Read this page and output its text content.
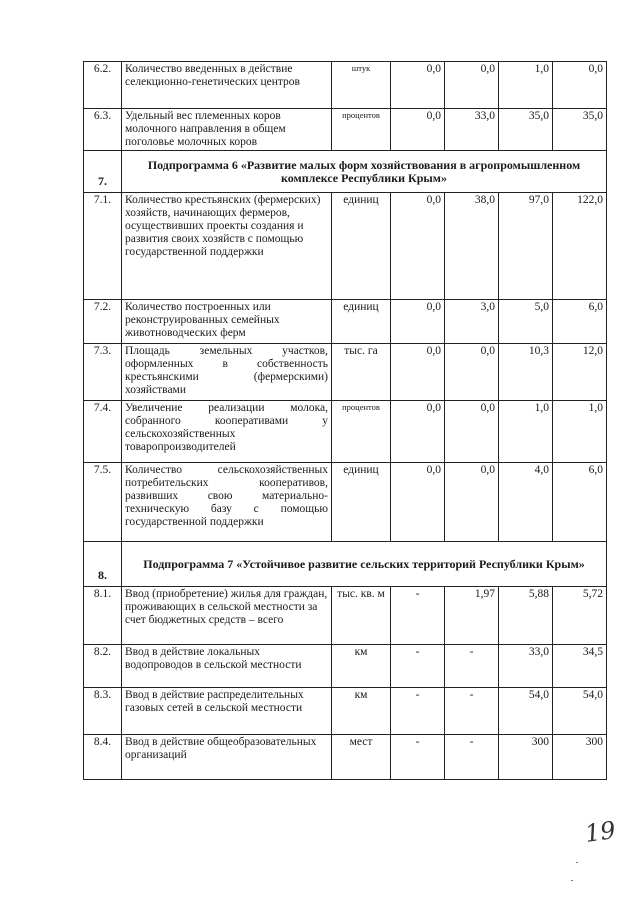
6.2.	Количество введенных в действие селекционно-генетических центров	штук	0,0	0,0	1,0	0,0
6.3.	Удельный вес племенных коров молочного направления в общем поголовье молочных коров	процентов	0,0	33,0	35,0	35,0
7.	Подпрограмма 6 «Развитие малых форм хозяйствования в агропромышленном комплексе Республики Крым»					
7.1.	Количество крестьянских (фермерских) хозяйств, начинающих фермеров, осуществивших проекты создания и развития своих хозяйств с помощью государственной поддержки	единиц	0,0	38,0	97,0	122,0
7.2.	Количество построенных или реконструированных семейных животноводческих ферм	единиц	0,0	3,0	5,0	6,0
7.3.	Площадь земельных участков, оформленных в собственность крестьянскими (фермерскими) хозяйствами	тыс. га	0,0	0,0	10,3	12,0
7.4.	Увеличение реализации молока, собранного кооперативами у сельскохозяйственных товаропроизводителей	процентов	0,0	0,0	1,0	1,0
7.5.	Количество сельскохозяйственных потребительских кооперативов, развивших свою материально-техническую базу с помощью государственной поддержки	единиц	0,0	0,0	4,0	6,0
8.	Подпрограмма 7 «Устойчивое развитие сельских территорий Республики Крым»					
8.1.	Ввод (приобретение) жилья для граждан, проживающих в сельской местности за счет бюджетных средств – всего	тыс. кв. м	-	1,97	5,88	5,72
8.2.	Ввод в действие локальных водопроводов в сельской местности	км	-	-	33,0	34,5
8.3.	Ввод в действие распределительных газовых сетей в сельской местности	км	-	-	54,0	54,0
8.4.	Ввод в действие общеобразовательных организаций	мест	-	-	300	300
19
